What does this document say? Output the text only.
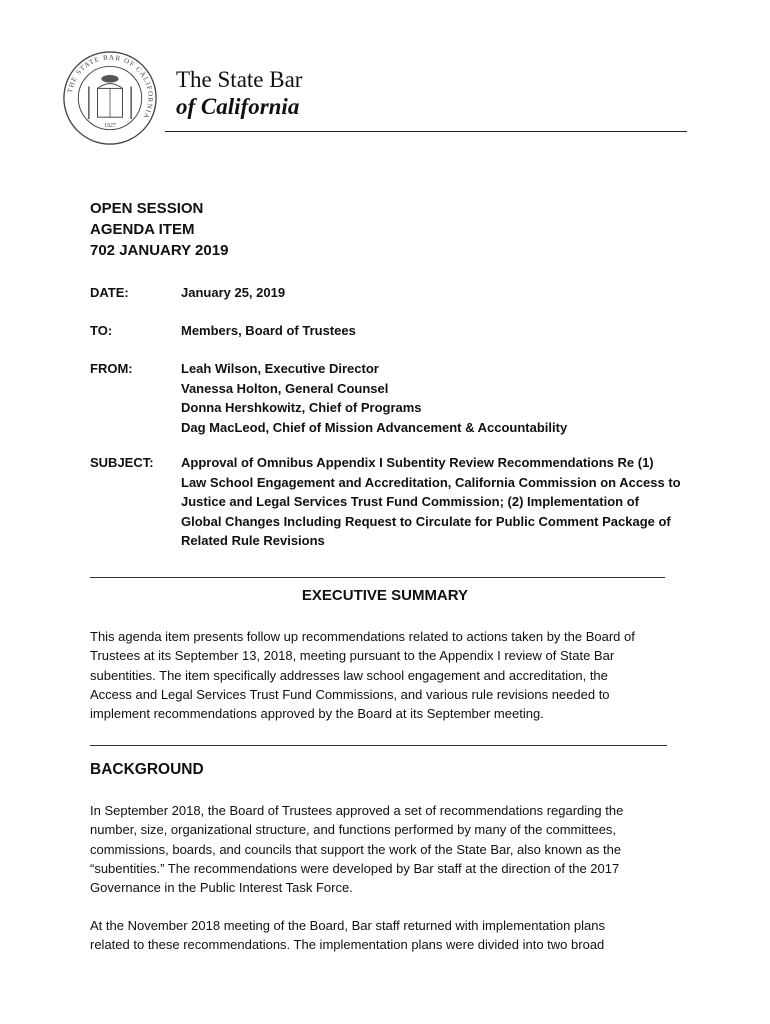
THE STATE BAR OF CALIFORNIA
1927
The State Bar
of California
OPEN SESSION
AGENDA ITEM
702 JANUARY 2019
DATE:	January 25, 2019
TO:	Members, Board of Trustees
FROM:	Leah Wilson, Executive Director
Vanessa Holton, General Counsel
Donna Hershkowitz, Chief of Programs
Dag MacLeod, Chief of Mission Advancement & Accountability
SUBJECT:	Approval of Omnibus Appendix I Subentity Review Recommendations Re (1)
Law School Engagement and Accreditation, California Commission on Access to
Justice and Legal Services Trust Fund Commission; (2) Implementation of
Global Changes Including Request to Circulate for Public Comment Package of
Related Rule Revisions
EXECUTIVE SUMMARY
This agenda item presents follow up recommendations related to actions taken by the Board of
Trustees at its September 13, 2018, meeting pursuant to the Appendix I review of State Bar
subentities. The item specifically addresses law school engagement and accreditation, the
Access and Legal Services Trust Fund Commissions, and various rule revisions needed to
implement recommendations approved by the Board at its September meeting.
BACKGROUND
In September 2018, the Board of Trustees approved a set of recommendations regarding the
number, size, organizational structure, and functions performed by many of the committees,
commissions, boards, and councils that support the work of the State Bar, also known as the
“subentities.” The recommendations were developed by Bar staff at the direction of the 2017
Governance in the Public Interest Task Force.
At the November 2018 meeting of the Board, Bar staff returned with implementation plans
related to these recommendations. The implementation plans were divided into two broad
